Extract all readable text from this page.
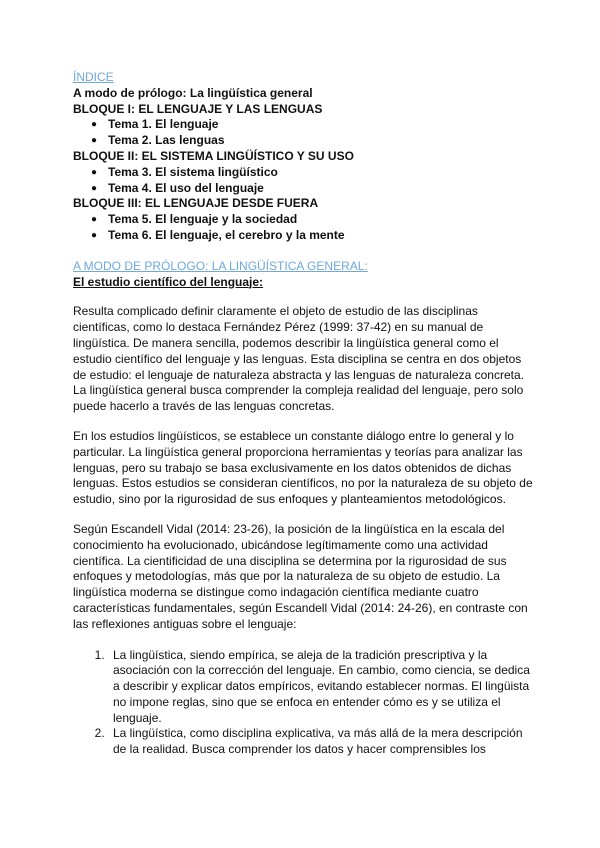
ÍNDICE
A modo de prólogo: La lingüística general
BLOQUE I: EL LENGUAJE Y LAS LENGUAS
● Tema 1. El lenguaje
● Tema 2. Las lenguas
BLOQUE II: EL SISTEMA LINGÜÍSTICO Y SU USO
● Tema 3. El sistema lingüístico
● Tema 4. El uso del lenguaje
BLOQUE III: EL LENGUAJE DESDE FUERA
● Tema 5. El lenguaje y la sociedad
● Tema 6. El lenguaje, el cerebro y la mente
A MODO DE PRÓLOGO: LA LINGÜÍSTICA GENERAL:
El estudio científico del lenguaje:

Resulta complicado definir claramente el objeto de estudio de las disciplinas científicas, como lo destaca Fernández Pérez (1999: 37-42) en su manual de lingüística. De manera sencilla, podemos describir la lingüística general como el estudio científico del lenguaje y las lenguas. Esta disciplina se centra en dos objetos de estudio: el lenguaje de naturaleza abstracta y las lenguas de naturaleza concreta. La lingüística general busca comprender la compleja realidad del lenguaje, pero solo puede hacerlo a través de las lenguas concretas.

En los estudios lingüísticos, se establece un constante diálogo entre lo general y lo particular. La lingüística general proporciona herramientas y teorías para analizar las lenguas, pero su trabajo se basa exclusivamente en los datos obtenidos de dichas lenguas. Estos estudios se consideran científicos, no por la naturaleza de su objeto de estudio, sino por la rigurosidad de sus enfoques y planteamientos metodológicos.

Según Escandell Vidal (2014: 23-26), la posición de la lingüística en la escala del conocimiento ha evolucionado, ubicándose legítimamente como una actividad científica. La cientificidad de una disciplina se determina por la rigurosidad de sus enfoques y metodologías, más que por la naturaleza de su objeto de estudio. La lingüística moderna se distingue como indagación científica mediante cuatro características fundamentales, según Escandell Vidal (2014: 24-26), en contraste con las reflexiones antiguas sobre el lenguaje:

1. La lingüística, siendo empírica, se aleja de la tradición prescriptiva y la asociación con la corrección del lenguaje. En cambio, como ciencia, se dedica a describir y explicar datos empíricos, evitando establecer normas. El lingüista no impone reglas, sino que se enfoca en entender cómo es y se utiliza el lenguaje.
2. La lingüística, como disciplina explicativa, va más allá de la mera descripción de la realidad. Busca comprender los datos y hacer comprensibles los
